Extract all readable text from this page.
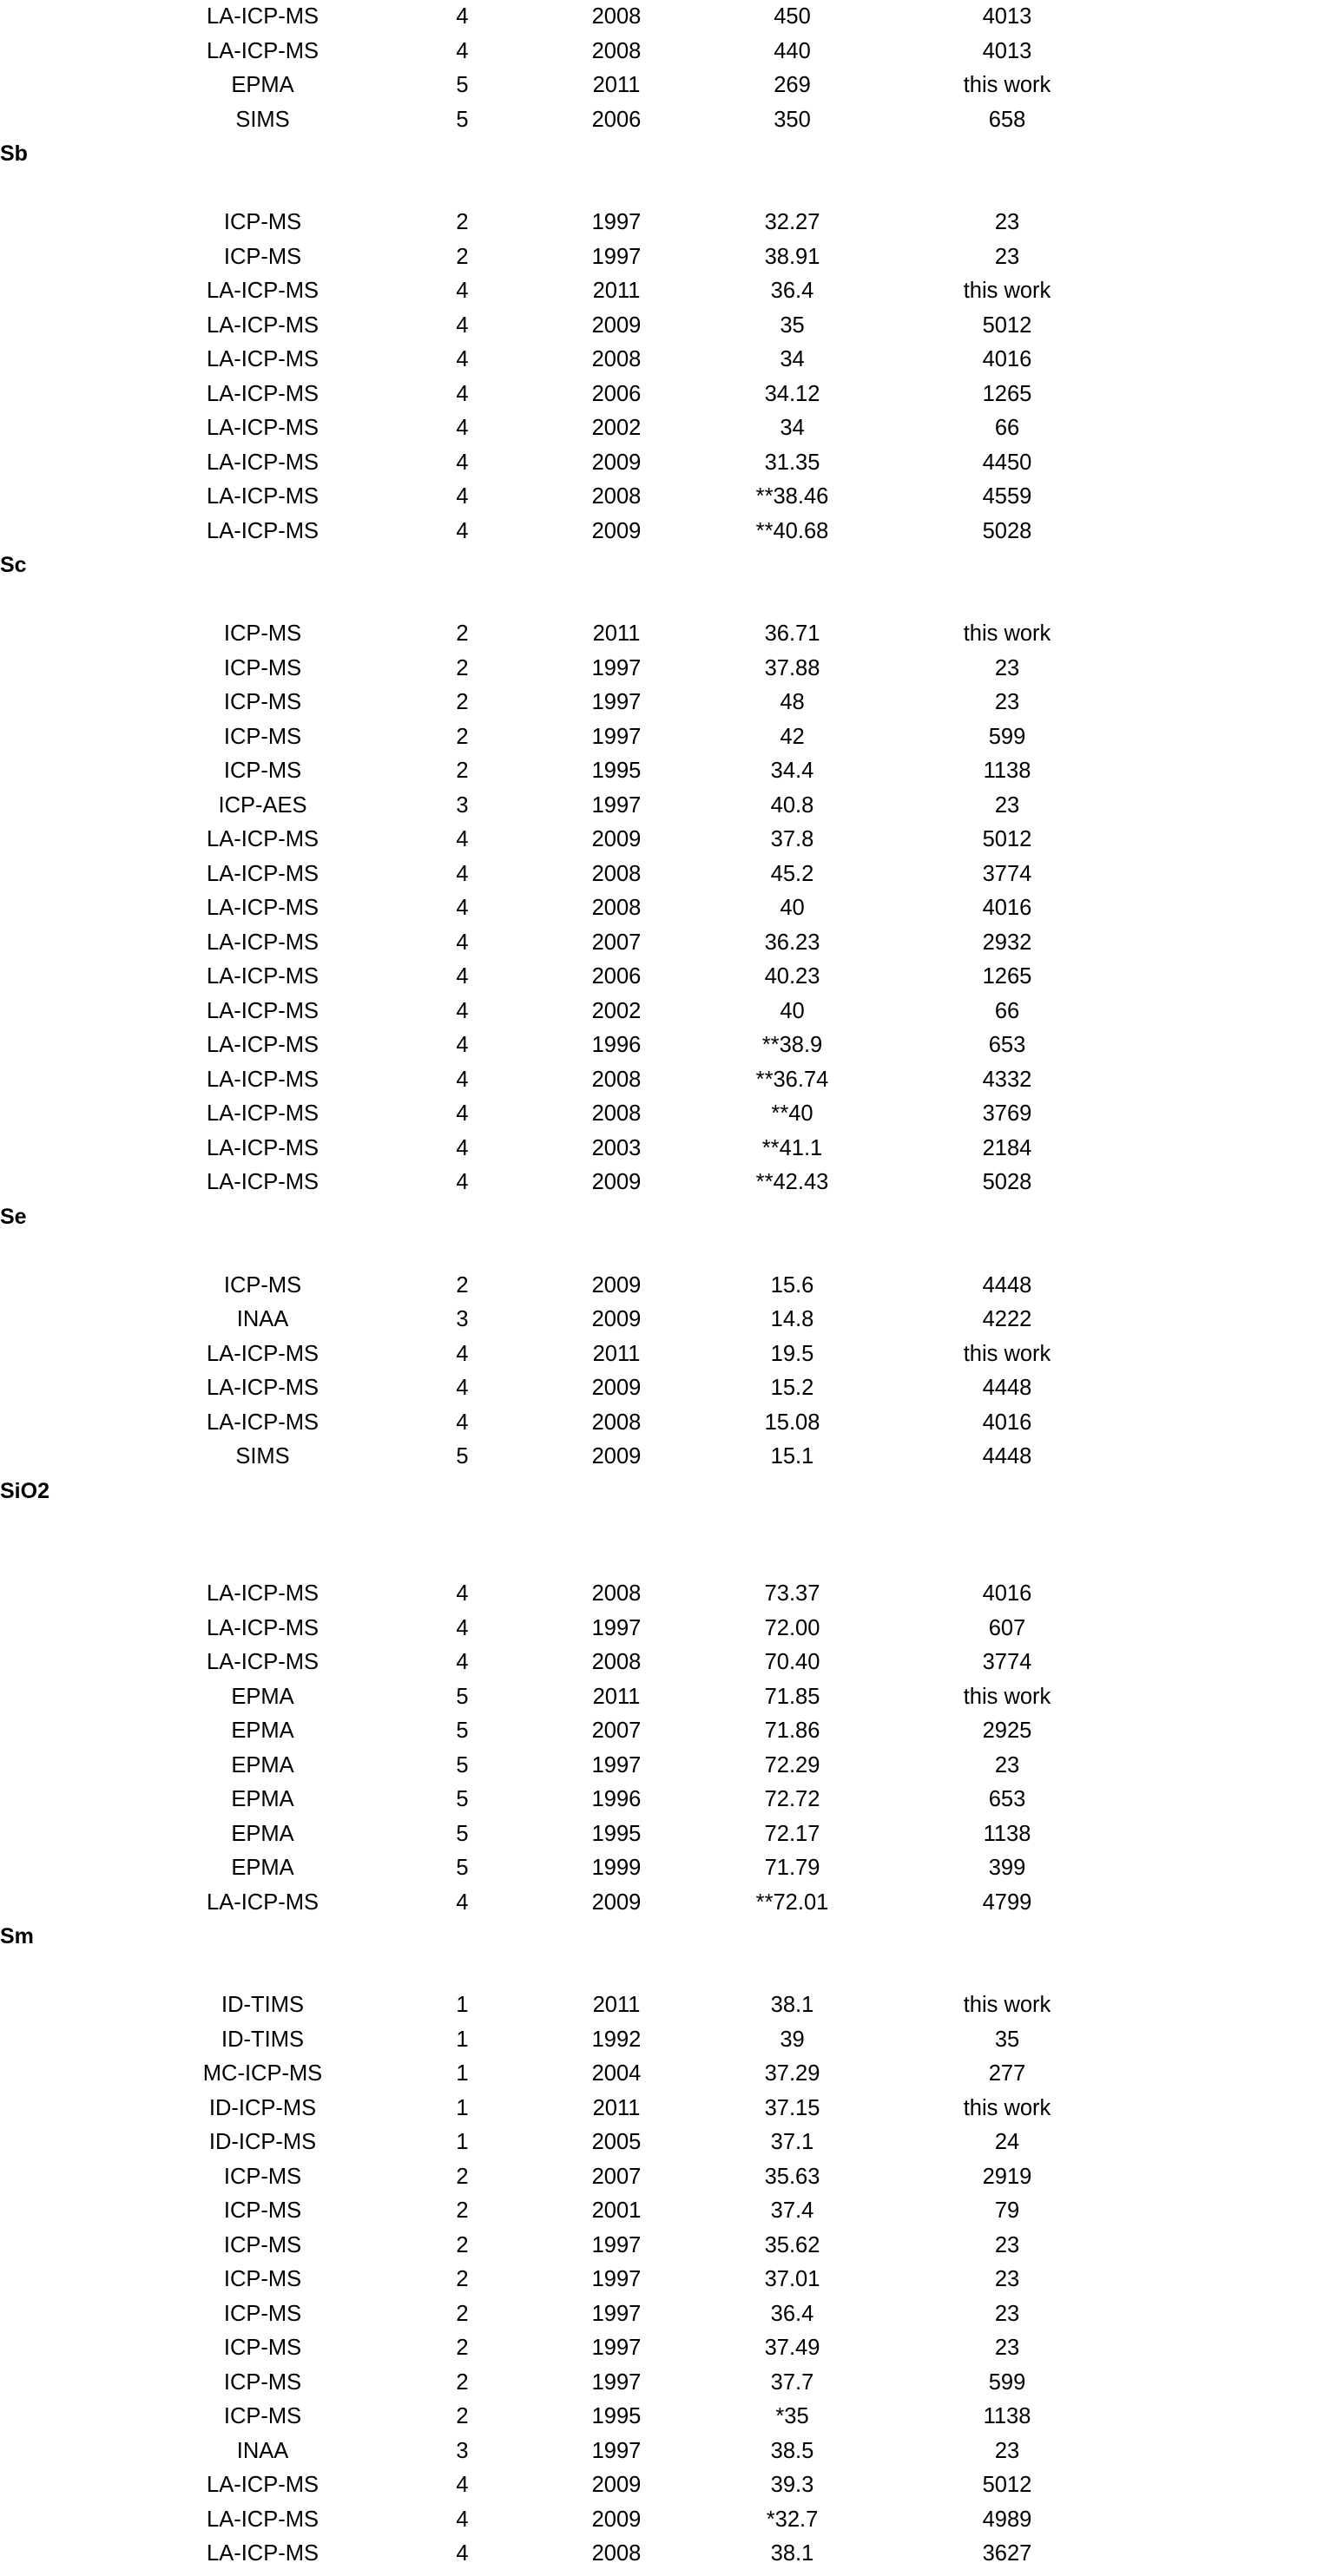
	LA-ICP-MS	4	2008	450	4013	
	LA-ICP-MS	4	2008	440	4013	
	EPMA	5	2011	269	this work	
	SIMS	5	2006	350	658	
Sb						

	ICP-MS	2	1997	32.27	23	
	ICP-MS	2	1997	38.91	23	
	LA-ICP-MS	4	2011	36.4	this work	
	LA-ICP-MS	4	2009	35	5012	
	LA-ICP-MS	4	2008	34	4016	
	LA-ICP-MS	4	2006	34.12	1265	
	LA-ICP-MS	4	2002	34	66	
	LA-ICP-MS	4	2009	31.35	4450	
	LA-ICP-MS	4	2008	**38.46	4559	
	LA-ICP-MS	4	2009	**40.68	5028	
Sc						

	ICP-MS	2	2011	36.71	this work	
	ICP-MS	2	1997	37.88	23	
	ICP-MS	2	1997	48	23	
	ICP-MS	2	1997	42	599	
	ICP-MS	2	1995	34.4	1138	
	ICP-AES	3	1997	40.8	23	
	LA-ICP-MS	4	2009	37.8	5012	
	LA-ICP-MS	4	2008	45.2	3774	
	LA-ICP-MS	4	2008	40	4016	
	LA-ICP-MS	4	2007	36.23	2932	
	LA-ICP-MS	4	2006	40.23	1265	
	LA-ICP-MS	4	2002	40	66	
	LA-ICP-MS	4	1996	**38.9	653	
	LA-ICP-MS	4	2008	**36.74	4332	
	LA-ICP-MS	4	2008	**40	3769	
	LA-ICP-MS	4	2003	**41.1	2184	
	LA-ICP-MS	4	2009	**42.43	5028	
Se						

	ICP-MS	2	2009	15.6	4448	
	INAA	3	2009	14.8	4222	
	LA-ICP-MS	4	2011	19.5	this work	
	LA-ICP-MS	4	2009	15.2	4448	
	LA-ICP-MS	4	2008	15.08	4016	
	SIMS	5	2009	15.1	4448	
SiO2						

	LA-ICP-MS	4	2008	73.37	4016	
	LA-ICP-MS	4	1997	72.00	607	
	LA-ICP-MS	4	2008	70.40	3774	
	EPMA	5	2011	71.85	this work	
	EPMA	5	2007	71.86	2925	
	EPMA	5	1997	72.29	23	
	EPMA	5	1996	72.72	653	
	EPMA	5	1995	72.17	1138	
	EPMA	5	1999	71.79	399	
	LA-ICP-MS	4	2009	**72.01	4799	
Sm						

	ID-TIMS	1	2011	38.1	this work	
	ID-TIMS	1	1992	39	35	
	MC-ICP-MS	1	2004	37.29	277	
	ID-ICP-MS	1	2011	37.15	this work	
	ID-ICP-MS	1	2005	37.1	24	
	ICP-MS	2	2007	35.63	2919	
	ICP-MS	2	2001	37.4	79	
	ICP-MS	2	1997	35.62	23	
	ICP-MS	2	1997	37.01	23	
	ICP-MS	2	1997	36.4	23	
	ICP-MS	2	1997	37.49	23	
	ICP-MS	2	1997	37.7	599	
	ICP-MS	2	1995	*35	1138	
	INAA	3	1997	38.5	23	
	LA-ICP-MS	4	2009	39.3	5012	
	LA-ICP-MS	4	2009	*32.7	4989	
	LA-ICP-MS	4	2008	38.1	3627	
